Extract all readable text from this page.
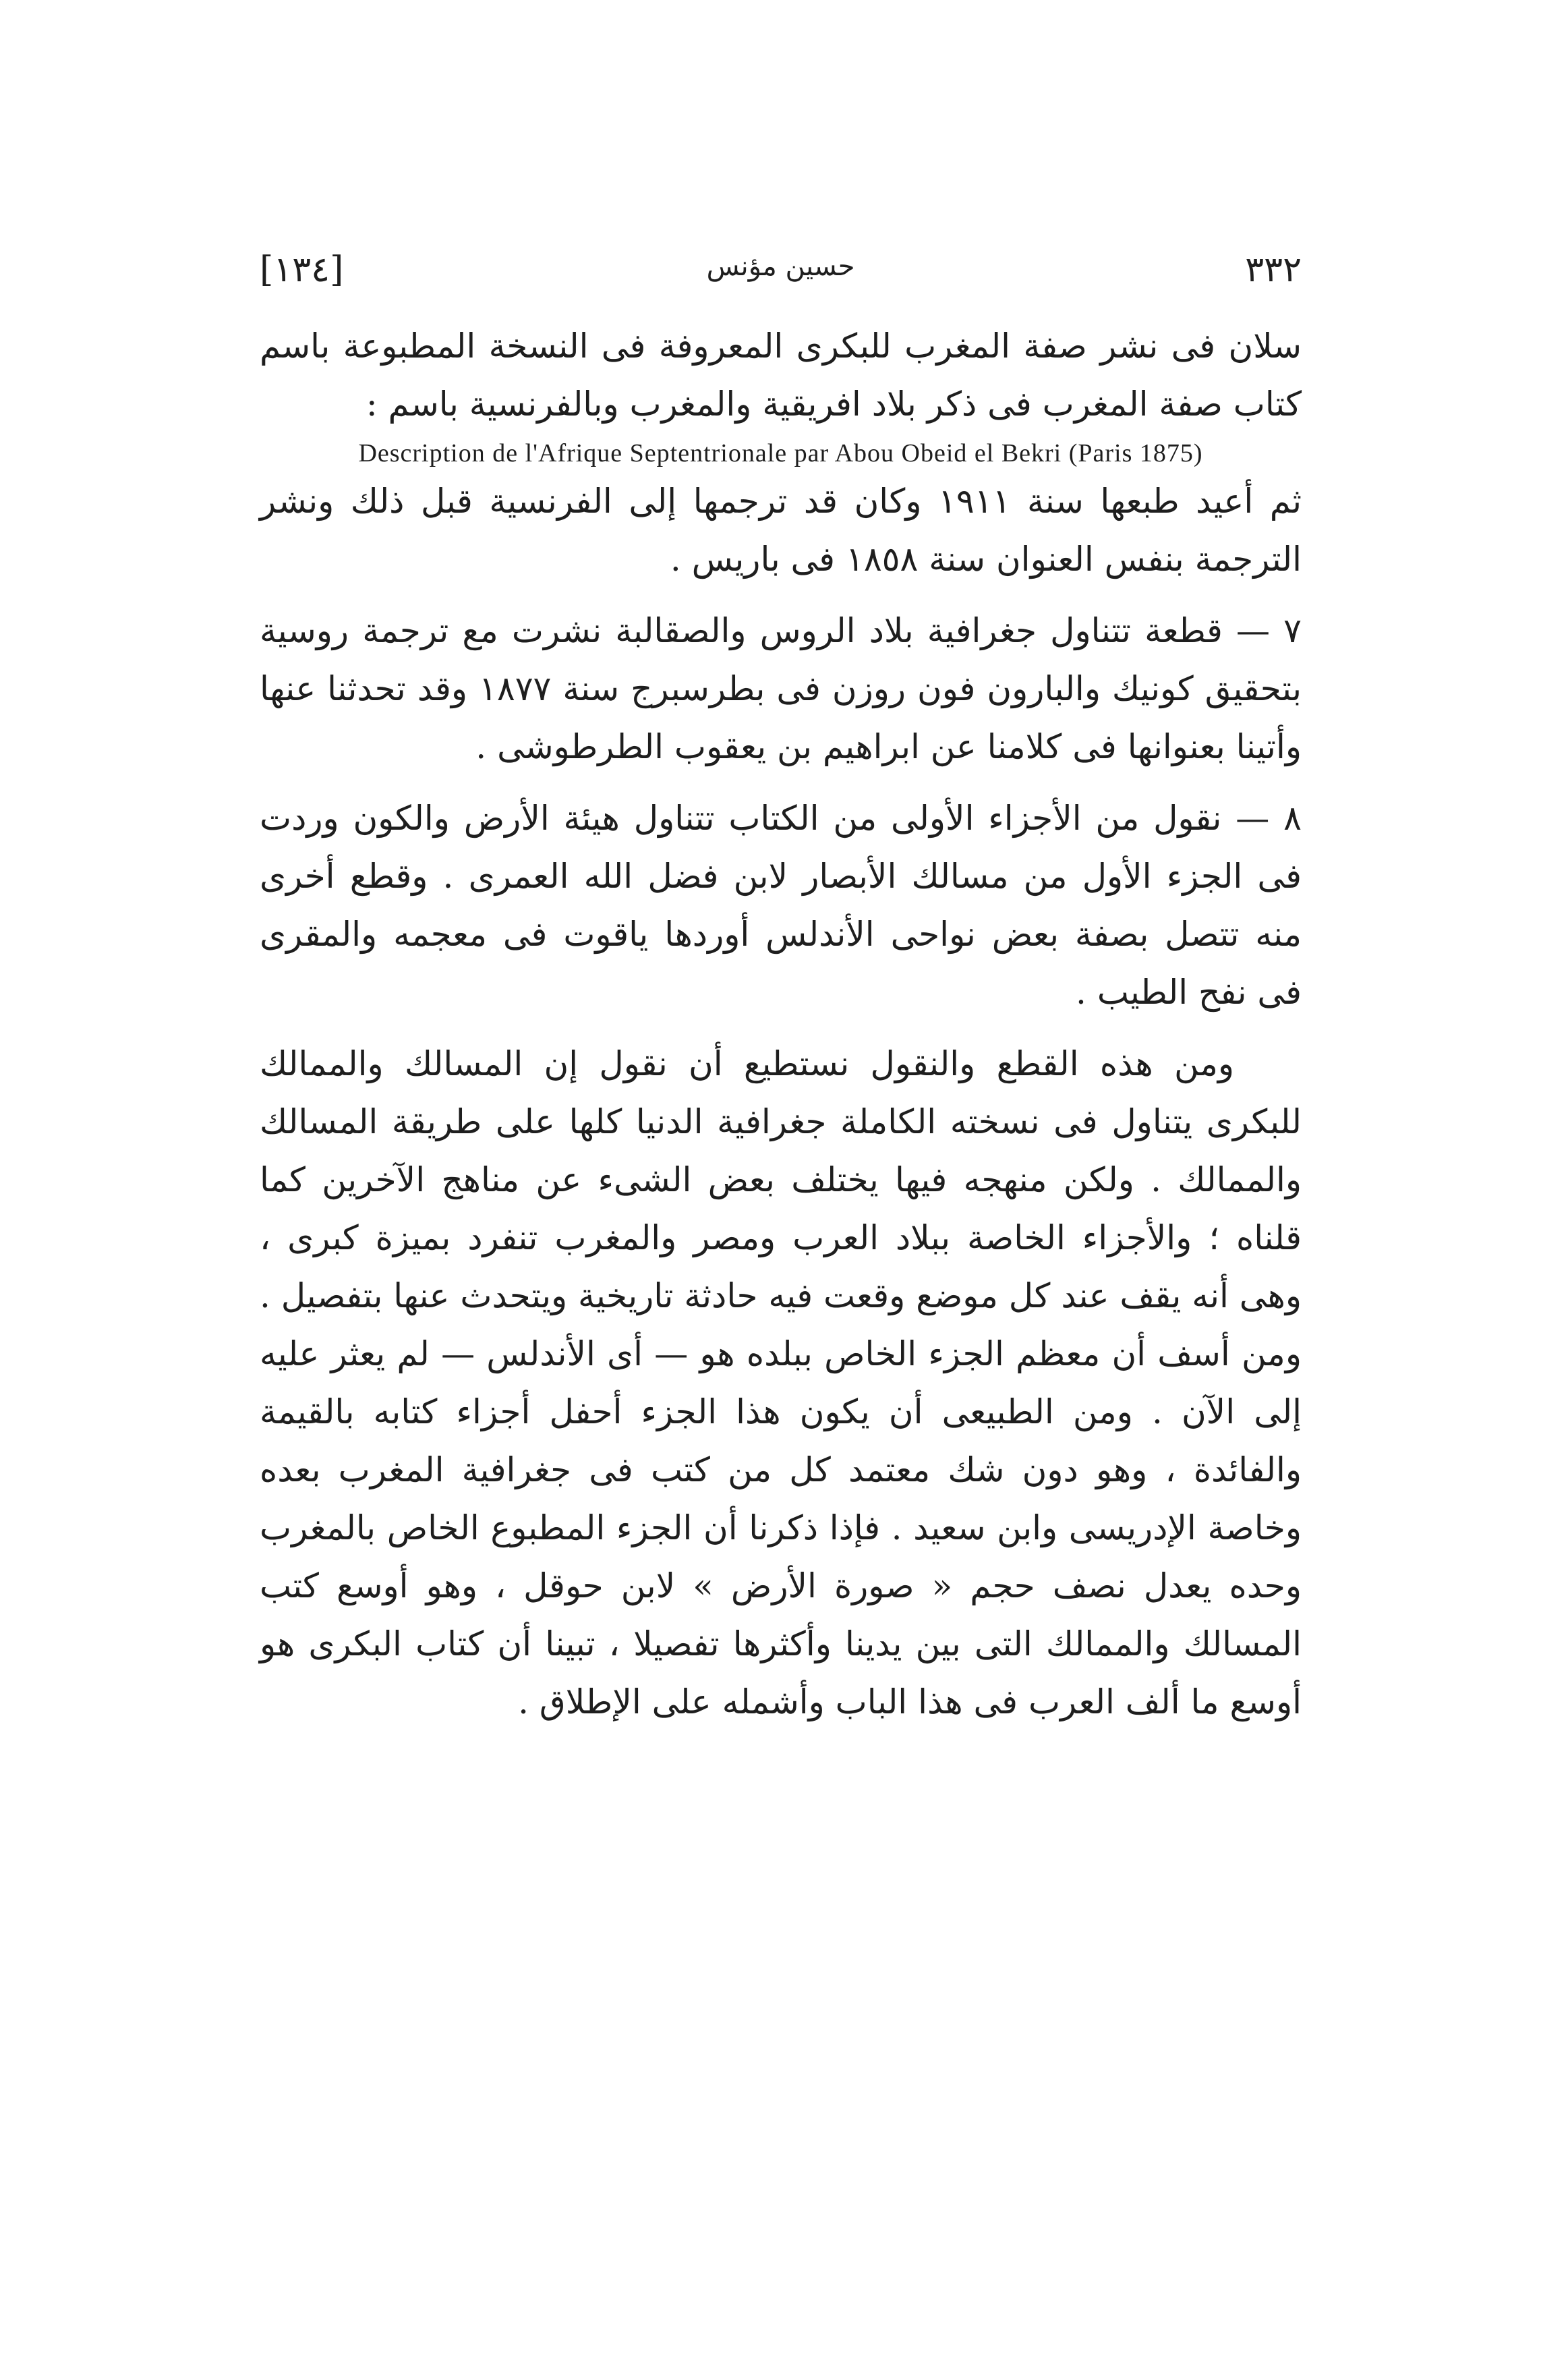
[١٣٤]	حسين مؤنس	٣٣٢

سلان فى نشر صفة المغرب للبكرى المعروفة فى النسخة المطبوعة باسم كتاب صفة المغرب فى ذكر بلاد افريقية والمغرب وبالفرنسية باسم :

Description de l'Afrique Septentrionale par Abou Obeid el Bekri (Paris 1875)

ثم أعيد طبعها سنة ١٩١١ وكان قد ترجمها إلى الفرنسية قبل ذلك ونشر الترجمة بنفس العنوان سنة ١٨٥٨ فى باريس .

٧ — قطعة تتناول جغرافية بلاد الروس والصقالبة نشرت مع ترجمة روسية بتحقيق كونيك والبارون فون روزن فى بطرسبرج سنة ١٨٧٧ وقد تحدثنا عنها وأتينا بعنوانها فى كلامنا عن ابراهيم بن يعقوب الطرطوشى .

٨ — نقول من الأجزاء الأولى من الكتاب تتناول هيئة الأرض والكون وردت فى الجزء الأول من مسالك الأبصار لابن فضل الله العمرى . وقطع أخرى منه تتصل بصفة بعض نواحى الأندلس أوردها ياقوت فى معجمه والمقرى فى نفح الطيب .

ومن هذه القطع والنقول نستطيع أن نقول إن المسالك والممالك للبكرى يتناول فى نسخته الكاملة جغرافية الدنيا كلها على طريقة المسالك والممالك . ولكن منهجه فيها يختلف بعض الشىء عن مناهج الآخرين كما قلناه ؛ والأجزاء الخاصة ببلاد العرب ومصر والمغرب تنفرد بميزة كبرى ، وهى أنه يقف عند كل موضع وقعت فيه حادثة تاريخية ويتحدث عنها بتفصيل . ومن أسف أن معظم الجزء الخاص ببلده هو — أى الأندلس — لم يعثر عليه إلى الآن . ومن الطبيعى أن يكون هذا الجزء أحفل أجزاء كتابه بالقيمة والفائدة ، وهو دون شك معتمد كل من كتب فى جغرافية المغرب بعده وخاصة الإدريسى وابن سعيد . فإذا ذكرنا أن الجزء المطبوع الخاص بالمغرب وحده يعدل نصف حجم « صورة الأرض » لابن حوقل ، وهو أوسع كتب المسالك والممالك التى بين يدينا وأكثرها تفصيلا ، تبينا أن كتاب البكرى هو أوسع ما ألف العرب فى هذا الباب وأشمله على الإطلاق .
